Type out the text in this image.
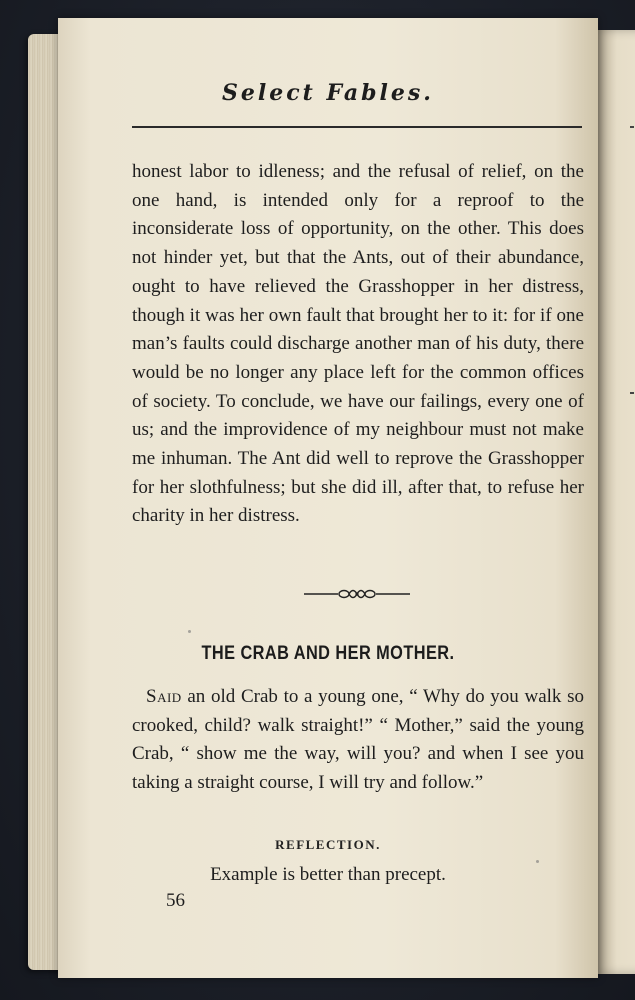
Select Fables.

honest labor to idleness; and the refusal of relief, on the one hand, is intended only for a reproof to the inconsiderate loss of opportunity, on the other. This does not hinder yet, but that the Ants, out of their abundance, ought to have relieved the Grasshopper in her distress, though it was her own fault that brought her to it: for if one man’s faults could discharge another man of his duty, there would be no longer any place left for the common offices of society. To conclude, we have our failings, every one of us; and the improvidence of my neighbour must not make me inhuman. The Ant did well to reprove the Grasshopper for her slothfulness; but she did ill, after that, to refuse her charity in her distress.

THE CRAB AND HER MOTHER.

Said an old Crab to a young one, “ Why do you walk so crooked, child? walk straight!” “ Mother,” said the young Crab, “ show me the way, will you? and when I see you taking a straight course, I will try and follow.”

REFLECTION.
Example is better than precept.
56
